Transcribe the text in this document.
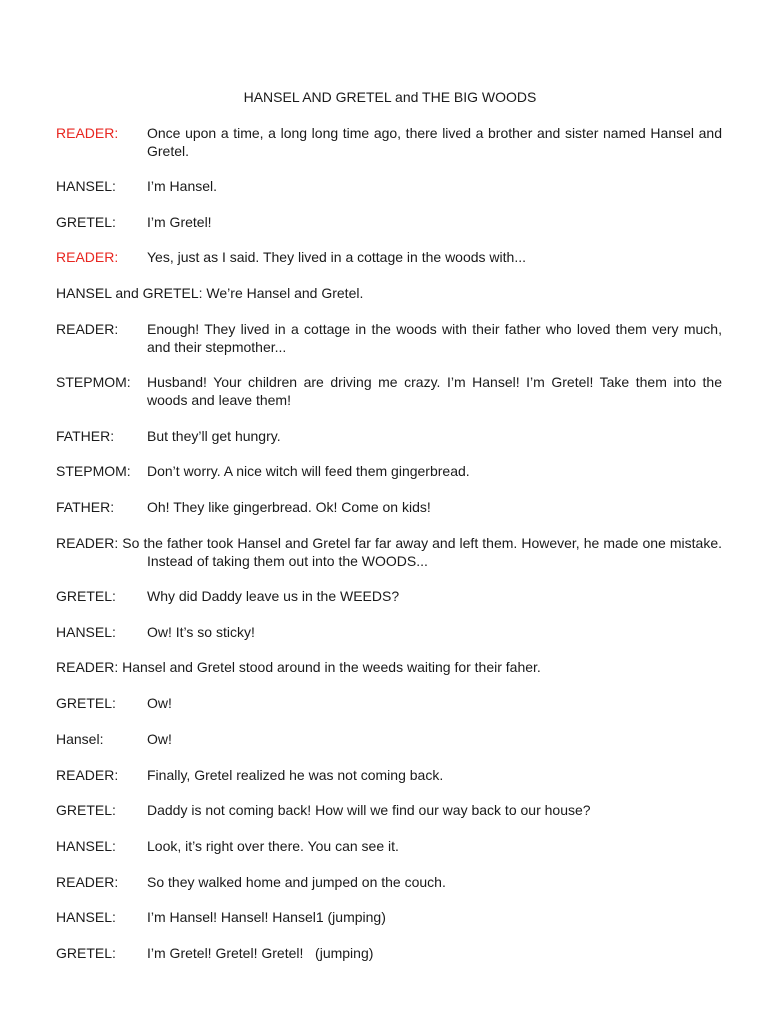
HANSEL AND GRETEL and THE BIG WOODS
READER:	Once upon a time, a long long time ago, there lived a brother and sister named Hansel and Gretel.
HANSEL: I’m Hansel.
GRETEL: I’m Gretel!
READER: Yes, just as I said. They lived in a cottage in the woods with...
HANSEL and GRETEL: We’re Hansel and Gretel.
READER: Enough! They lived in a cottage in the woods with their father who loved them very much, and their stepmother...
STEPMOM: Husband! Your children are driving me crazy. I’m Hansel! I’m Gretel! Take them into the woods and leave them!
FATHER: But they’ll get hungry.
STEPMOM: Don’t worry. A nice witch will feed them gingerbread.
FATHER: Oh! They like gingerbread. Ok! Come on kids!
READER: So the father took Hansel and Gretel far far away and left them. However, he made one mistake. Instead of taking them out into the WOODS...
GRETEL: Why did Daddy leave us in the WEEDS?
HANSEL: Ow! It’s so sticky!
READER: Hansel and Gretel stood around in the weeds waiting for their faher.
GRETEL: Ow!
Hansel:	Ow!
READER: Finally, Gretel realized he was not coming back.
GRETEL: Daddy is not coming back! How will we find our way back to our house?
HANSEL: Look, it’s right over there. You can see it.
READER: So they walked home and jumped on the couch.
HANSEL: I’m Hansel! Hansel! Hansel1 (jumping)
GRETEL: I’m Gretel! Gretel! Gretel!   (jumping)
